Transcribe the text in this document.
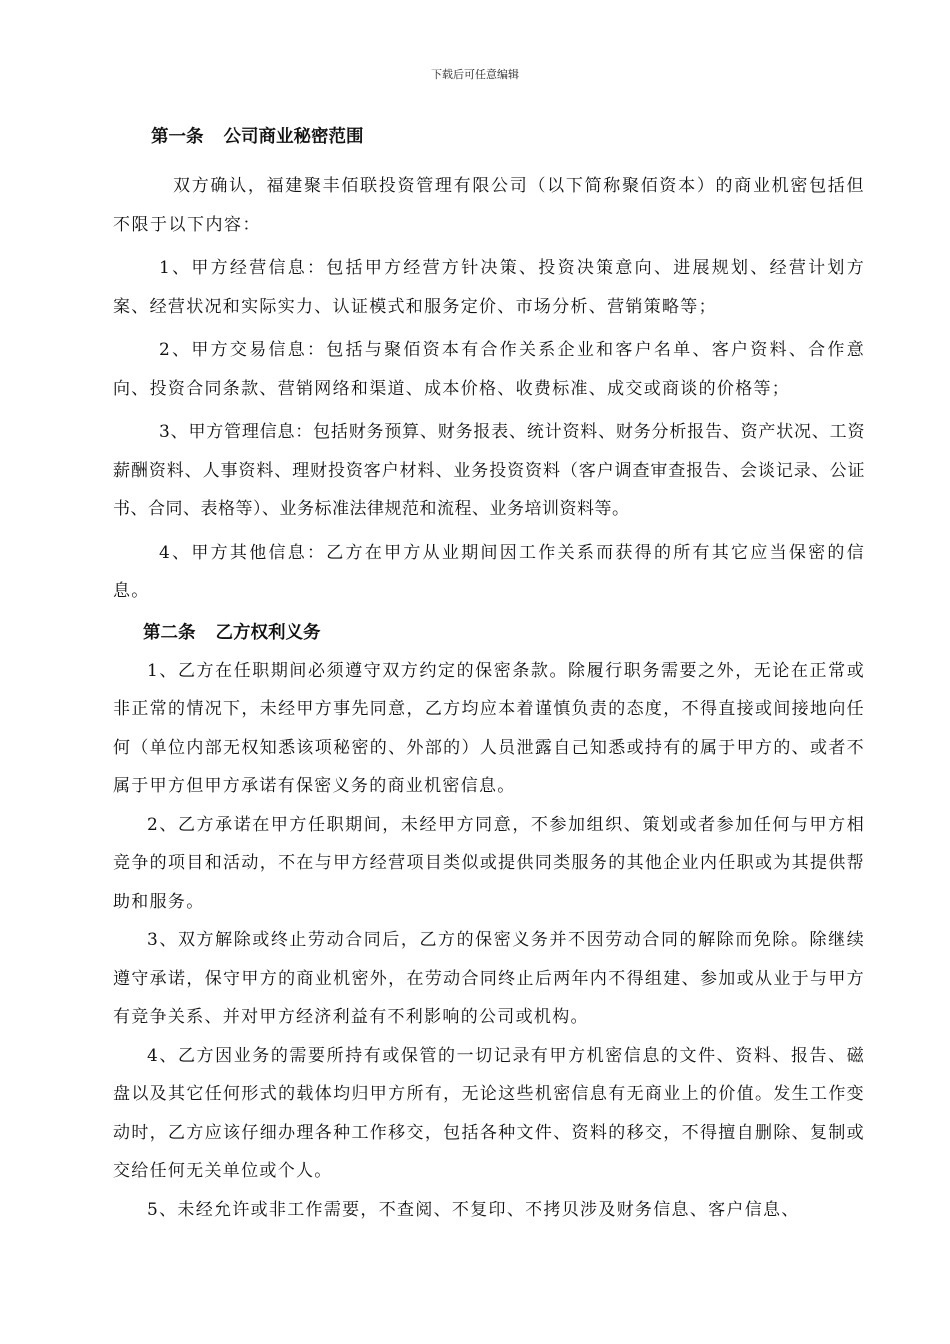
下载后可任意编辑
第一条 公司商业秘密范围

双方确认，福建聚丰佰联投资管理有限公司（以下简称聚佰资本）的商业机密包括但不限于以下内容：

1、甲方经营信息：包括甲方经营方针决策、投资决策意向、进展规划、经营计划方案、经营状况和实际实力、认证模式和服务定价、市场分析、营销策略等；

2、甲方交易信息：包括与聚佰资本有合作关系企业和客户名单、客户资料、合作意向、投资合同条款、营销网络和渠道、成本价格、收费标准、成交或商谈的价格等；

3、甲方管理信息：包括财务预算、财务报表、统计资料、财务分析报告、资产状况、工资薪酬资料、人事资料、理财投资客户材料、业务投资资料（客户调查审查报告、会谈记录、公证书、合同、表格等）、业务标准法律规范和流程、业务培训资料等。

4、甲方其他信息：乙方在甲方从业期间因工作关系而获得的所有其它应当保密的信息。

第二条 乙方权利义务

1、乙方在任职期间必须遵守双方约定的保密条款。除履行职务需要之外，无论在正常或非正常的情况下，未经甲方事先同意，乙方均应本着谨慎负责的态度，不得直接或间接地向任何（单位内部无权知悉该项秘密的、外部的）人员泄露自己知悉或持有的属于甲方的、或者不属于甲方但甲方承诺有保密义务的商业机密信息。

2、乙方承诺在甲方任职期间，未经甲方同意，不参加组织、策划或者参加任何与甲方相竞争的项目和活动，不在与甲方经营项目类似或提供同类服务的其他企业内任职或为其提供帮助和服务。

3、双方解除或终止劳动合同后，乙方的保密义务并不因劳动合同的解除而免除。除继续遵守承诺，保守甲方的商业机密外，在劳动合同终止后两年内不得组建、参加或从业于与甲方有竞争关系、并对甲方经济利益有不利影响的公司或机构。

4、乙方因业务的需要所持有或保管的一切记录有甲方机密信息的文件、资料、报告、磁盘以及其它任何形式的载体均归甲方所有，无论这些机密信息有无商业上的价值。发生工作变动时，乙方应该仔细办理各种工作移交，包括各种文件、资料的移交，不得擅自删除、复制或交给任何无关单位或个人。

5、未经允许或非工作需要，不查阅、不复印、不拷贝涉及财务信息、客户信息、
